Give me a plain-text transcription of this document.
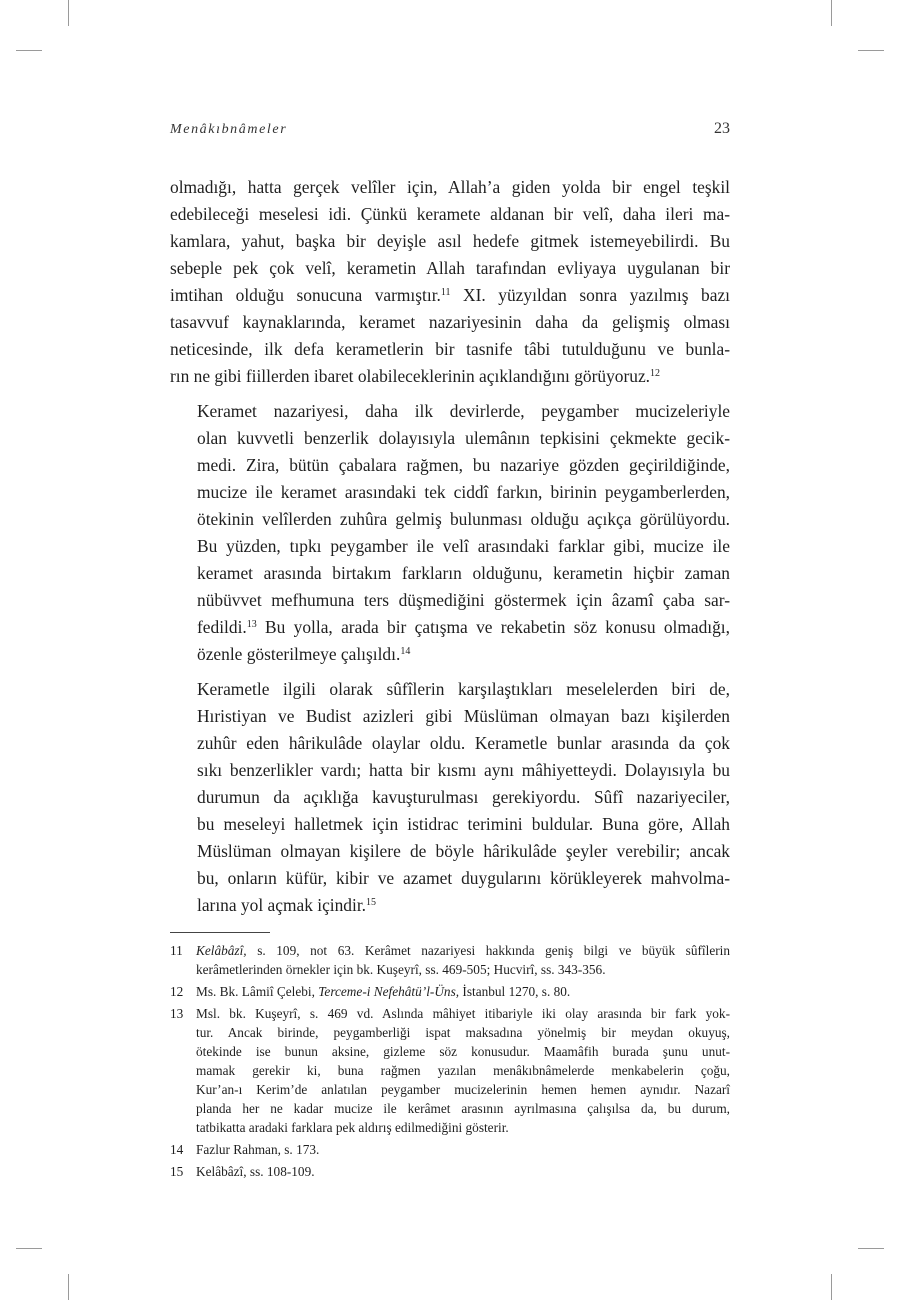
Menâkıbnâmeler	23

olmadığı, hatta gerçek velîler için, Allah’a giden yolda bir engel teşkil
edebileceği meselesi idi. Çünkü keramete aldanan bir velî, daha ileri ma-
kamlara, yahut, başka bir deyişle asıl hedefe gitmek istemeyebilirdi. Bu
sebeple pek çok velî, kerametin Allah tarafından evliyaya uygulanan bir
imtihan olduğu sonucuna varmıştır.$^{11}$ XI. yüzyıldan sonra yazılmış bazı
tasavvuf kaynaklarında, keramet nazariyesinin daha da gelişmiş olması
neticesinde, ilk defa kerametlerin bir tasnife tâbi tutulduğunu ve bunla-
rın ne gibi fiillerden ibaret olabileceklerinin açıklandığını görüyoruz.$^{12}$

Keramet nazariyesi, daha ilk devirlerde, peygamber mucizeleriyle
olan kuvvetli benzerlik dolayısıyla ulemânın tepkisini çekmekte gecik-
medi. Zira, bütün çabalara rağmen, bu nazariye gözden geçirildiğinde,
mucize ile keramet arasındaki tek ciddî farkın, birinin peygamberlerden,
ötekinin velîlerden zuhûra gelmiş bulunması olduğu açıkça görülüyordu.
Bu yüzden, tıpkı peygamber ile velî arasındaki farklar gibi, mucize ile
keramet arasında birtakım farkların olduğunu, kerametin hiçbir zaman
nübüvvet mefhumuna ters düşmediğini göstermek için âzamî çaba sar-
fedildi.$^{13}$ Bu yolla, arada bir çatışma ve rekabetin söz konusu olmadığı,
özenle gösterilmeye çalışıldı.$^{14}$

Kerametle ilgili olarak sûfîlerin karşılaştıkları meselelerden biri de,
Hıristiyan ve Budist azizleri gibi Müslüman olmayan bazı kişilerden
zuhûr eden hârikulâde olaylar oldu. Kerametle bunlar arasında da çok
sıkı benzerlikler vardı; hatta bir kısmı aynı mâhiyetteydi. Dolayısıyla bu
durumun da açıklığa kavuşturulması gerekiyordu. Sûfî nazariyeciler,
bu meseleyi halletmek için istidrac terimini buldular. Buna göre, Allah
Müslüman olmayan kişilere de böyle hârikulâde şeyler verebilir; ancak
bu, onların küfür, kibir ve azamet duygularını körükleyerek mahvolma-
larına yol açmak içindir.$^{15}$

11 Kelâbâzî, s. 109, not 63. Kerâmet nazariyesi hakkında geniş bilgi ve büyük sûfîlerin
kerâmetlerinden örnekler için bk. Kuşeyrî, ss. 469-505; Hucvirî, ss. 343-356.
12 Ms. Bk. Lâmiî Çelebi, Terceme-i Nefehâtü’l-Üns, İstanbul 1270, s. 80.
13 Msl. bk. Kuşeyrî, s. 469 vd. Aslında mâhiyet itibariyle iki olay arasında bir fark yok-
tur. Ancak birinde, peygamberliği ispat maksadına yönelmiş bir meydan okuyuş,
ötekinde ise bunun aksine, gizleme söz konusudur. Maamâfih burada şunu unut-
mamak gerekir ki, buna rağmen yazılan menâkıbnâmelerde menkabelerin çoğu,
Kur’an-ı Kerim’de anlatılan peygamber mucizelerinin hemen hemen aynıdır. Nazarî
planda her ne kadar mucize ile kerâmet arasının ayrılmasına çalışılsa da, bu durum,
tatbikatta aradaki farklara pek aldırış edilmediğini gösterir.
14 Fazlur Rahman, s. 173.
15 Kelâbâzî, ss. 108-109.
